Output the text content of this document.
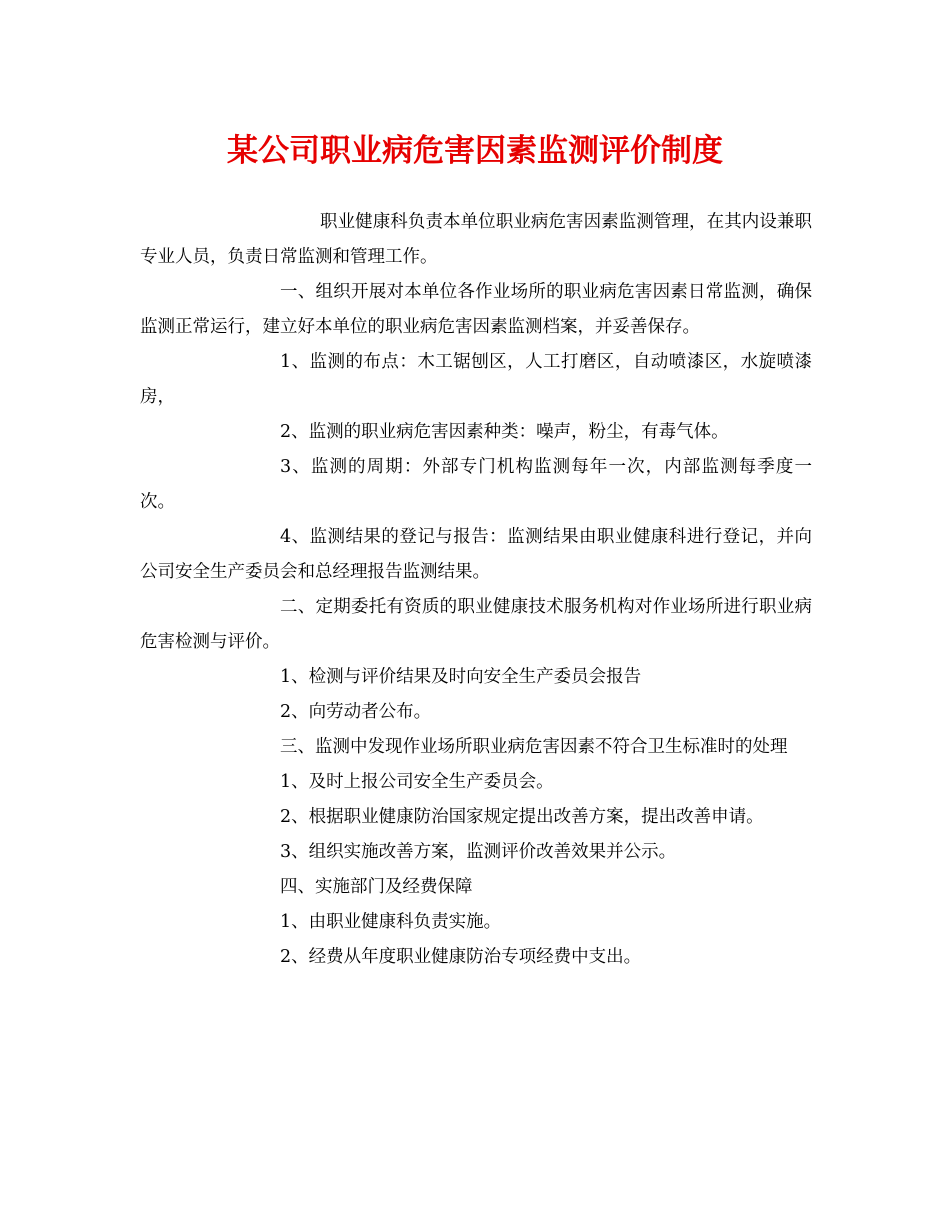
某公司职业病危害因素监测评价制度

职业健康科负责本单位职业病危害因素监测管理，在其内设兼职专业人员，负责日常监测和管理工作。

一、组织开展对本单位各作业场所的职业病危害因素日常监测，确保监测正常运行，建立好本单位的职业病危害因素监测档案，并妥善保存。

1、监测的布点：木工锯刨区，人工打磨区，自动喷漆区，水旋喷漆房，

2、监测的职业病危害因素种类：噪声，粉尘，有毒气体。

3、监测的周期：外部专门机构监测每年一次，内部监测每季度一次。

4、监测结果的登记与报告：监测结果由职业健康科进行登记，并向公司安全生产委员会和总经理报告监测结果。

二、定期委托有资质的职业健康技术服务机构对作业场所进行职业病危害检测与评价。

1、检测与评价结果及时向安全生产委员会报告

2、向劳动者公布。

三、监测中发现作业场所职业病危害因素不符合卫生标准时的处理

1、及时上报公司安全生产委员会。

2、根据职业健康防治国家规定提出改善方案，提出改善申请。

3、组织实施改善方案，监测评价改善效果并公示。

四、实施部门及经费保障

1、由职业健康科负责实施。

2、经费从年度职业健康防治专项经费中支出。
